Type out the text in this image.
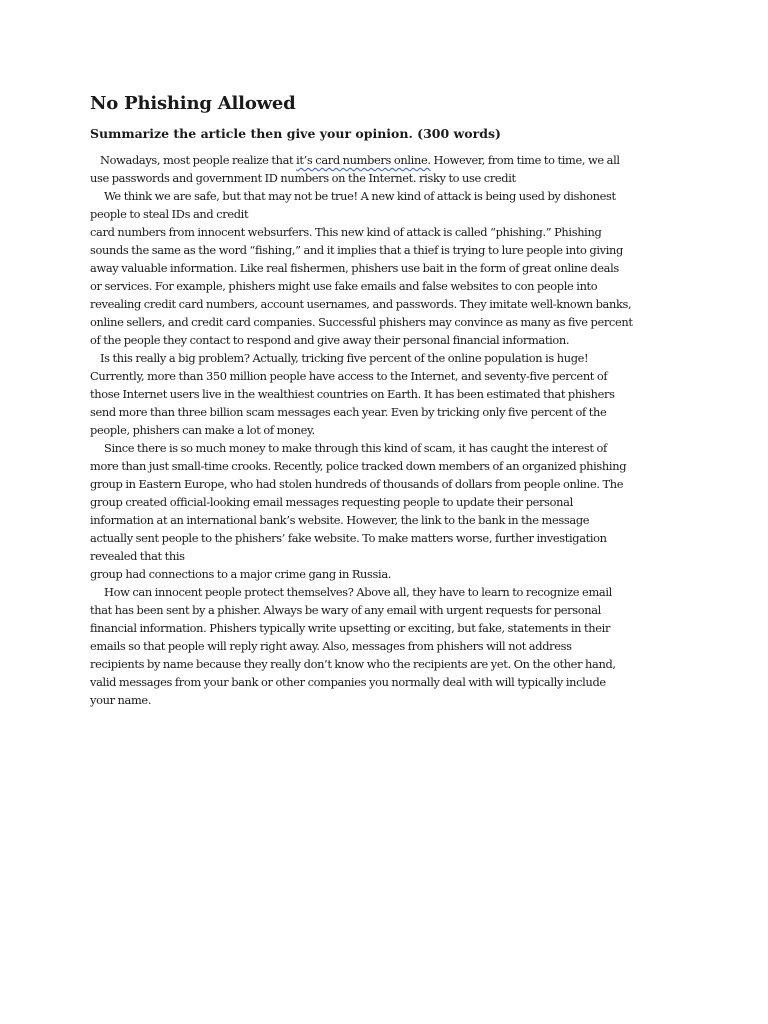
No Phishing Allowed
Summarize the article then give your opinion. (300 words)
Nowadays, most people realize that it’s card numbers online. However, from time to time, we all
use passwords and government ID numbers on the Internet. risky to use credit
We think we are safe, but that may not be true! A new kind of attack is being used by dishonest
people to steal IDs and credit
card numbers from innocent websurfers. This new kind of attack is called “phishing.” Phishing
sounds the same as the word “fishing,” and it implies that a thief is trying to lure people into giving
away valuable information. Like real fishermen, phishers use bait in the form of great online deals
or services. For example, phishers might use fake emails and false websites to con people into
revealing credit card numbers, account usernames, and passwords. They imitate well-known banks,
online sellers, and credit card companies. Successful phishers may convince as many as five percent
of the people they contact to respond and give away their personal financial information.
Is this really a big problem? Actually, tricking five percent of the online population is huge!
Currently, more than 350 million people have access to the Internet, and seventy-five percent of
those Internet users live in the wealthiest countries on Earth. It has been estimated that phishers
send more than three billion scam messages each year. Even by tricking only five percent of the
people, phishers can make a lot of money.
Since there is so much money to make through this kind of scam, it has caught the interest of
more than just small-time crooks. Recently, police tracked down members of an organized phishing
group in Eastern Europe, who had stolen hundreds of thousands of dollars from people online. The
group created official-looking email messages requesting people to update their personal
information at an international bank’s website. However, the link to the bank in the message
actually sent people to the phishers’ fake website. To make matters worse, further investigation
revealed that this
group had connections to a major crime gang in Russia.
How can innocent people protect themselves? Above all, they have to learn to recognize email
that has been sent by a phisher. Always be wary of any email with urgent requests for personal
financial information. Phishers typically write upsetting or exciting, but fake, statements in their
emails so that people will reply right away. Also, messages from phishers will not address
recipients by name because they really don’t know who the recipients are yet. On the other hand,
valid messages from your bank or other companies you normally deal with will typically include
your name.
